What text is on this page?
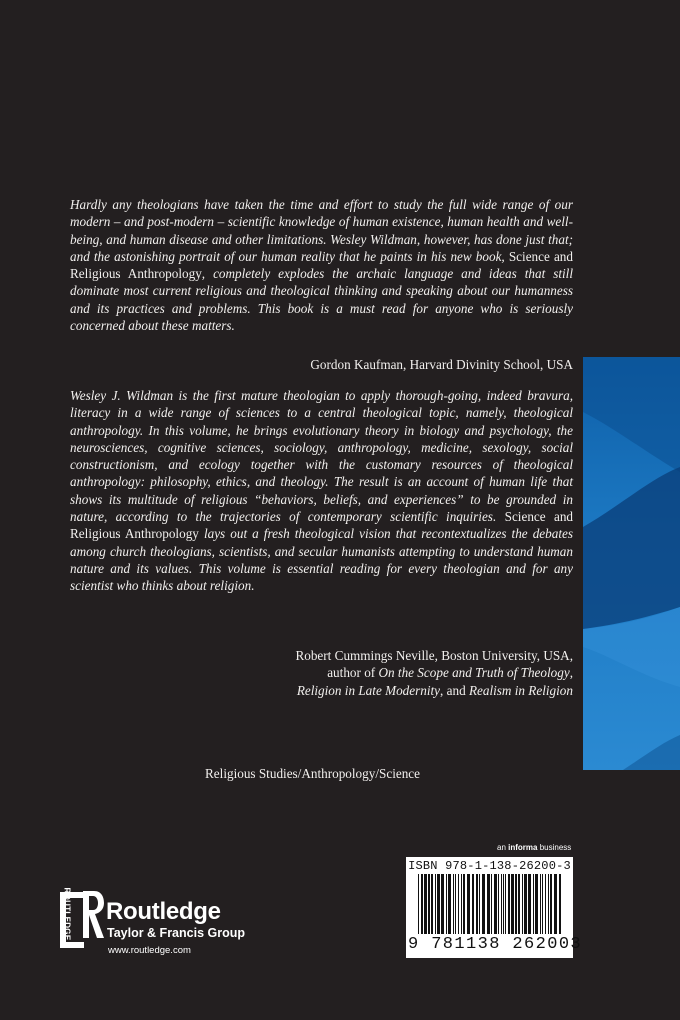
Hardly any theologians have taken the time and effort to study the full wide range of our modern – and post-modern – scientific knowledge of human existence, human health and well-being, and human disease and other limitations. Wesley Wildman, however, has done just that; and the astonishing portrait of our human reality that he paints in his new book, Science and Religious Anthropology, completely explodes the archaic language and ideas that still dominate most current religious and theological thinking and speaking about our humanness and its practices and problems. This book is a must read for anyone who is seriously concerned about these matters.

Gordon Kaufman, Harvard Divinity School, USA

Wesley J. Wildman is the first mature theologian to apply thorough-going, indeed bravura, literacy in a wide range of sciences to a central theological topic, namely, theological anthropology. In this volume, he brings evolutionary theory in biology and psychology, the neurosciences, cognitive sciences, sociology, anthropology, medicine, sexology, social constructionism, and ecology together with the customary resources of theological anthropology: philosophy, ethics, and theology. The result is an account of human life that shows its multitude of religious “behaviors, beliefs, and experiences” to be grounded in nature, according to the trajectories of contemporary scientific inquiries. Science and Religious Anthropology lays out a fresh theological vision that recontextualizes the debates among church theologians, scientists, and secular humanists attempting to understand human nature and its values. This volume is essential reading for every theologian and for any scientist who thinks about religion.

Robert Cummings Neville, Boston University, USA,
author of On the Scope and Truth of Theology,
Religion in Late Modernity, and Realism in Religion

Religious Studies/Anthropology/Science
an informa business
ISBN 978-1-138-26200-3
9 781138 262003
ROUTLEDGE Routledge
Taylor & Francis Group
www.routledge.com
